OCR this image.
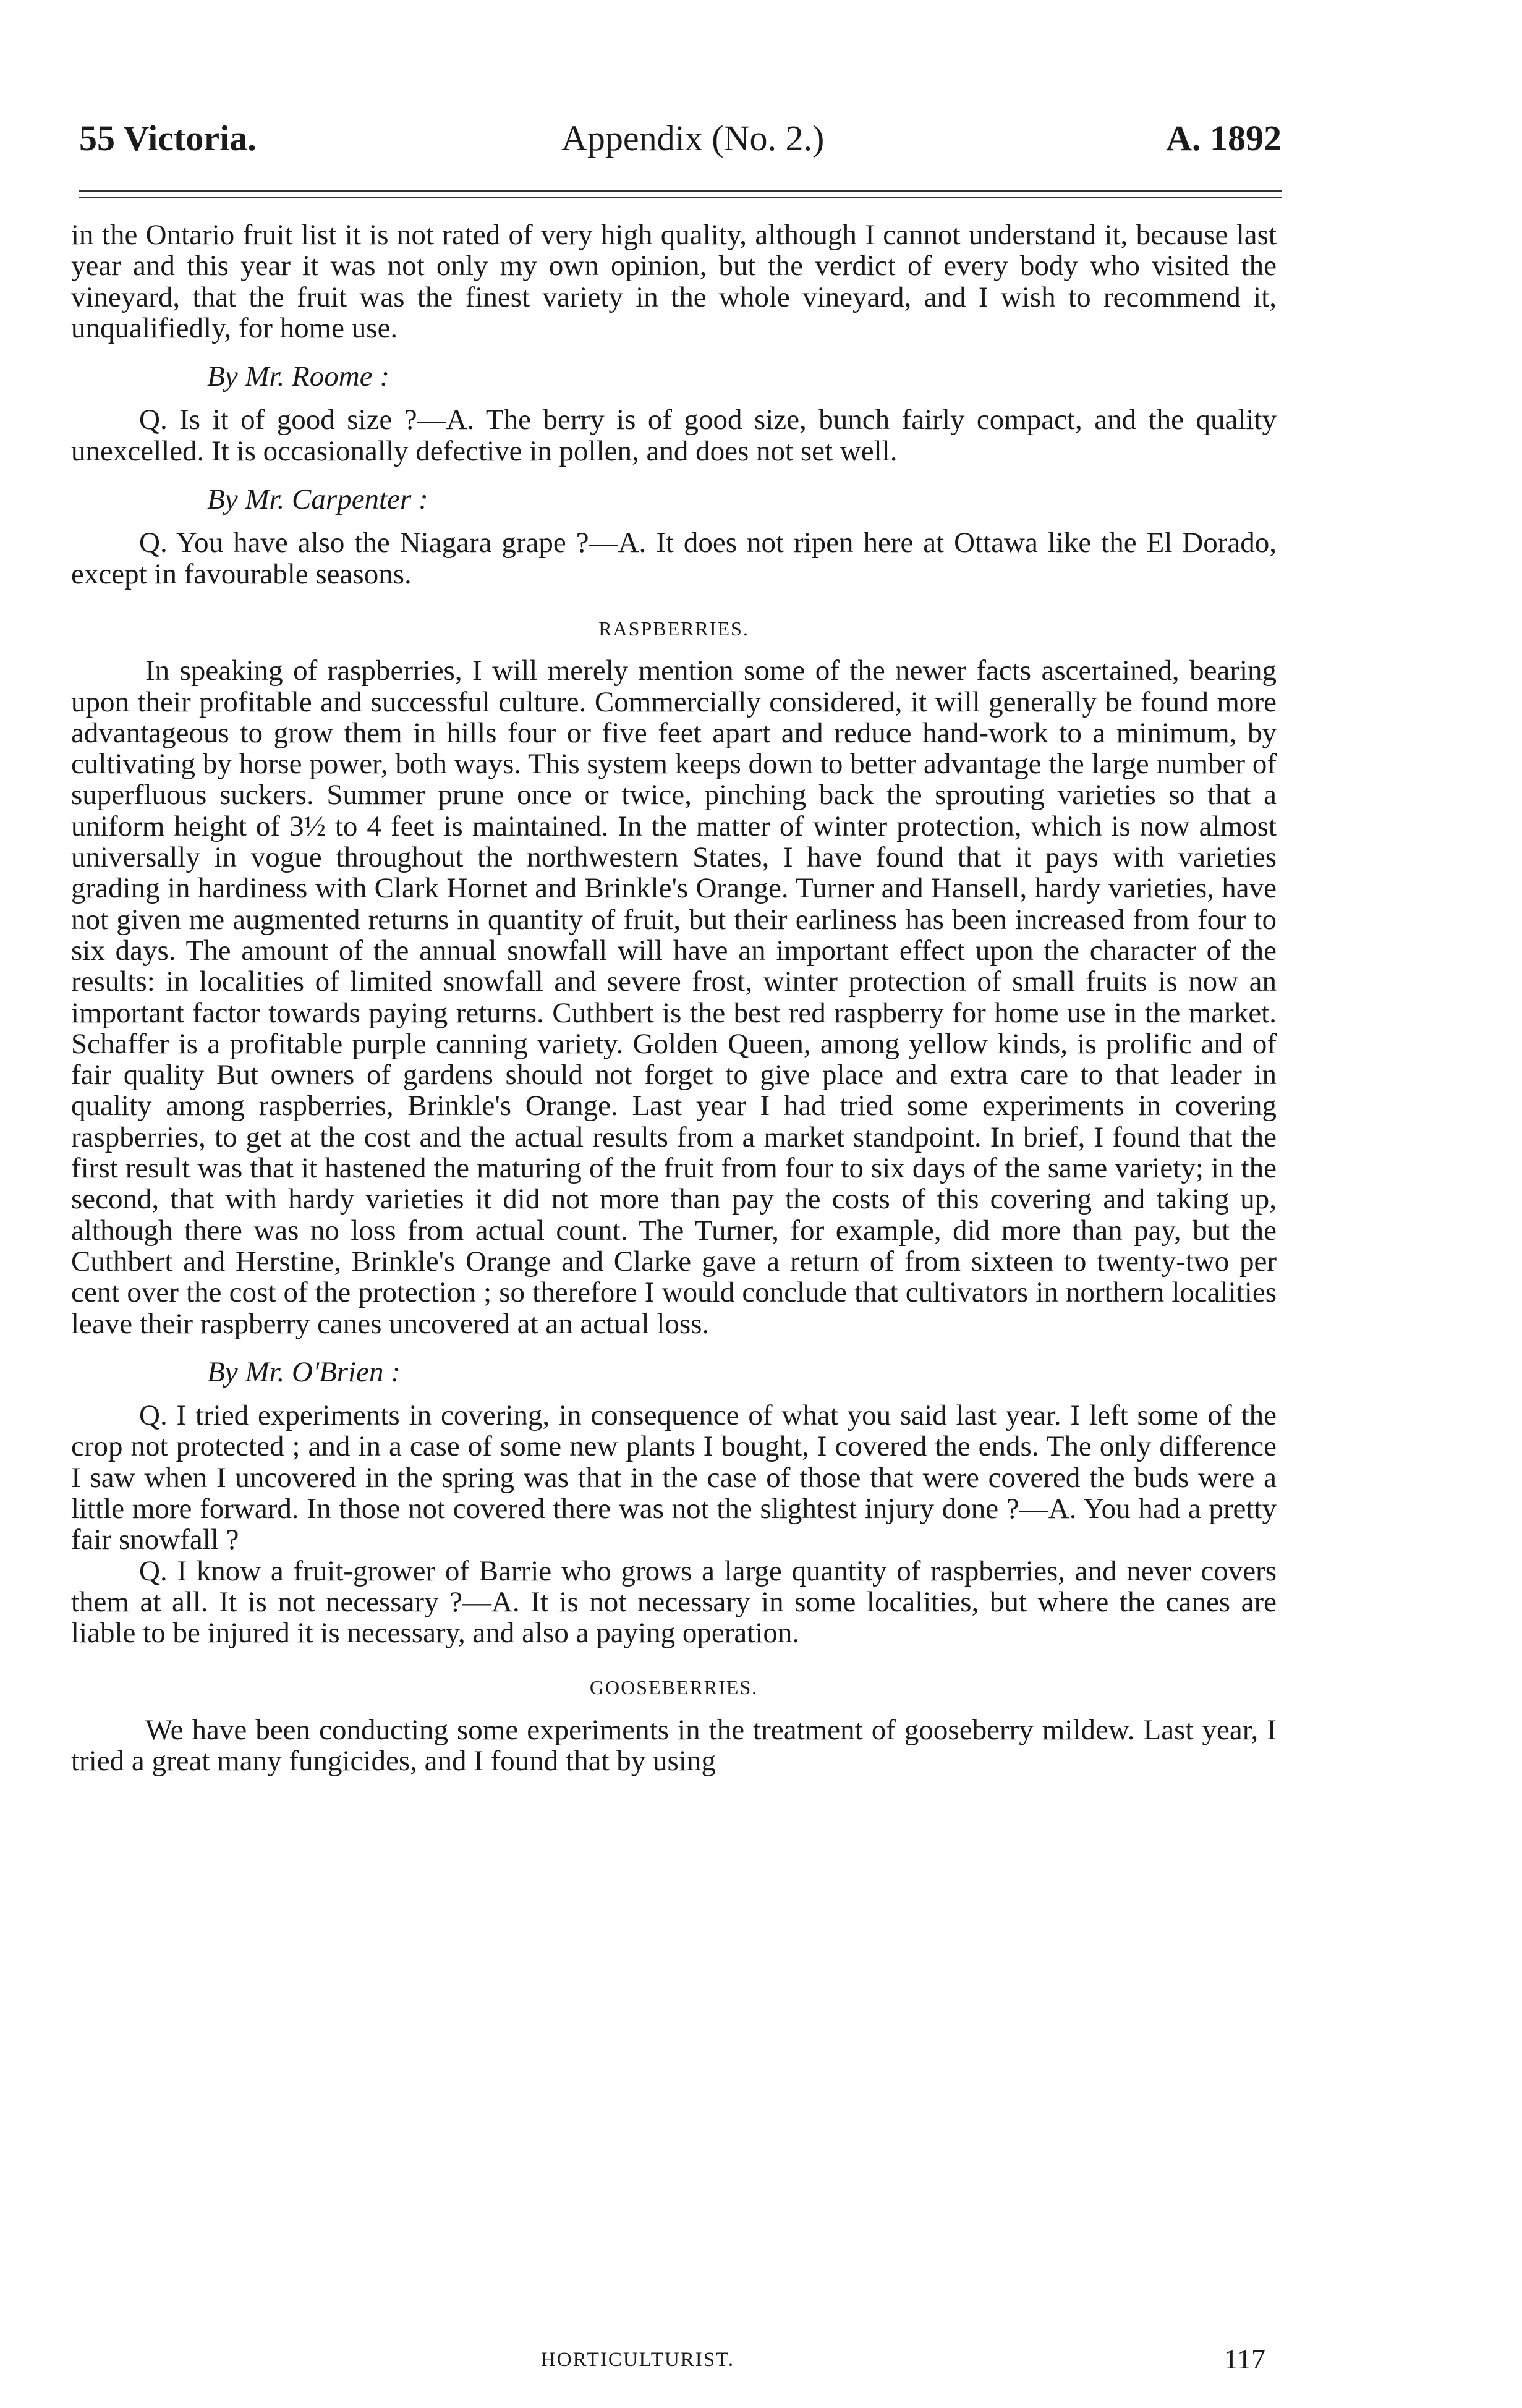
55 Victoria.	Appendix (No. 2.)	A. 1892

in the Ontario fruit list it is not rated of very high quality, although I cannot understand it, because last year and this year it was not only my own opinion, but the verdict of every body who visited the vineyard, that the fruit was the finest variety in the whole vineyard, and I wish to recommend it, unqualifiedly, for home use.

By Mr. Roome :

Q. Is it of good size ?—A. The berry is of good size, bunch fairly compact, and the quality unexcelled. It is occasionally defective in pollen, and does not set well.

By Mr. Carpenter :

Q. You have also the Niagara grape ?—A. It does not ripen here at Ottawa like the El Dorado, except in favourable seasons.

RASPBERRIES.

In speaking of raspberries, I will merely mention some of the newer facts ascertained, bearing upon their profitable and successful culture. Commercially considered, it will generally be found more advantageous to grow them in hills four or five feet apart and reduce hand-work to a minimum, by cultivating by horse power, both ways. This system keeps down to better advantage the large number of superfluous suckers. Summer prune once or twice, pinching back the sprouting varieties so that a uniform height of 3½ to 4 feet is maintained. In the matter of winter protection, which is now almost universally in vogue throughout the northwestern States, I have found that it pays with varieties grading in hardiness with Clark Hornet and Brinkle's Orange. Turner and Hansell, hardy varieties, have not given me augmented returns in quantity of fruit, but their earliness has been increased from four to six days. The amount of the annual snowfall will have an important effect upon the character of the results: in localities of limited snowfall and severe frost, winter protection of small fruits is now an important factor towards paying returns. Cuthbert is the best red raspberry for home use in the market. Schaffer is a profitable purple canning variety. Golden Queen, among yellow kinds, is prolific and of fair quality But owners of gardens should not forget to give place and extra care to that leader in quality among raspberries, Brinkle's Orange. Last year I had tried some experiments in covering raspberries, to get at the cost and the actual results from a market standpoint. In brief, I found that the first result was that it hastened the maturing of the fruit from four to six days of the same variety; in the second, that with hardy varieties it did not more than pay the costs of this covering and taking up, although there was no loss from actual count. The Turner, for example, did more than pay, but the Cuthbert and Herstine, Brinkle's Orange and Clarke gave a return of from sixteen to twenty-two per cent over the cost of the protection ; so therefore I would conclude that cultivators in northern localities leave their raspberry canes uncovered at an actual loss.

By Mr. O'Brien :

Q. I tried experiments in covering, in consequence of what you said last year. I left some of the crop not protected ; and in a case of some new plants I bought, I covered the ends. The only difference I saw when I uncovered in the spring was that in the case of those that were covered the buds were a little more forward. In those not covered there was not the slightest injury done ?—A. You had a pretty fair snowfall ?

Q. I know a fruit-grower of Barrie who grows a large quantity of raspberries, and never covers them at all. It is not necessary ?—A. It is not necessary in some localities, but where the canes are liable to be injured it is necessary, and also a paying operation.

GOOSEBERRIES.

We have been conducting some experiments in the treatment of gooseberry mildew. Last year, I tried a great many fungicides, and I found that by using

HORTICULTURIST.	117
